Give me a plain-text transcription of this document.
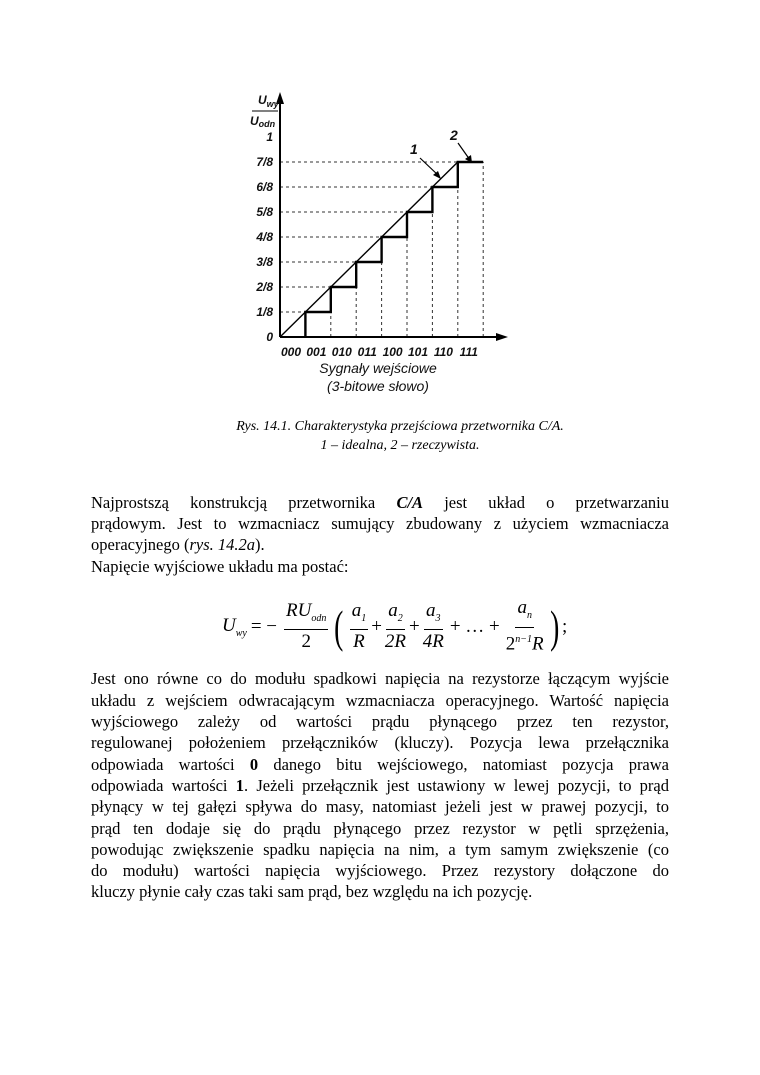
0
1/8
2/8
3/8
4/8
5/8
6/8
7/8
1
000 001 010 011 100 101 110 111
$U_{wy}$
Uodn
Sygnały wejściowe
(3-bitowe słowo)
1
2
Rys. 14.1. Charakterystyka przejściowa przetwornika C/A.
1 – idealna, 2 – rzeczywista.
Najprostszą konstrukcją przetwornika C/A jest układ o przetwarzaniu
prądowym. Jest to wzmacniacz sumujący zbudowany z użyciem wzmacniacza
operacyjnego (rys. 14.2a).
Napięcie wyjściowe układu ma postać:
Jest ono równe co do modułu spadkowi napięcia na rezystorze łączącym wyjście
układu z wejściem odwracającym wzmacniacza operacyjnego. Wartość napięcia
wyjściowego zależy od wartości prądu płynącego przez ten rezystor,
regulowanej położeniem przełączników (kluczy). Pozycja lewa przełącznika
odpowiada wartości 0 danego bitu wejściowego, natomiast pozycja prawa
odpowiada wartości 1. Jeżeli przełącznik jest ustawiony w lewej pozycji, to prąd
płynący w tej gałęzi spływa do masy, natomiast jeżeli jest w prawej pozycji, to
prąd ten dodaje się do prądu płynącego przez rezystor w pętli sprzężenia,
powodując zwiększenie spadku napięcia na nim, a tym samym zwiększenie (co
do modułu) wartości napięcia wyjściowego. Przez rezystory dołączone do
kluczy płynie cały czas taki sam prąd, bez względu na ich pozycję.
$U_{wy}$ = − $\frac{RU_{odn}}{2}$ ( $\frac{a_1}{R} + \frac{a_2}{2R} + \frac{a_3}{4R}$ + … + $\frac{a_n}{2^{n-1}R}$ ) ;
